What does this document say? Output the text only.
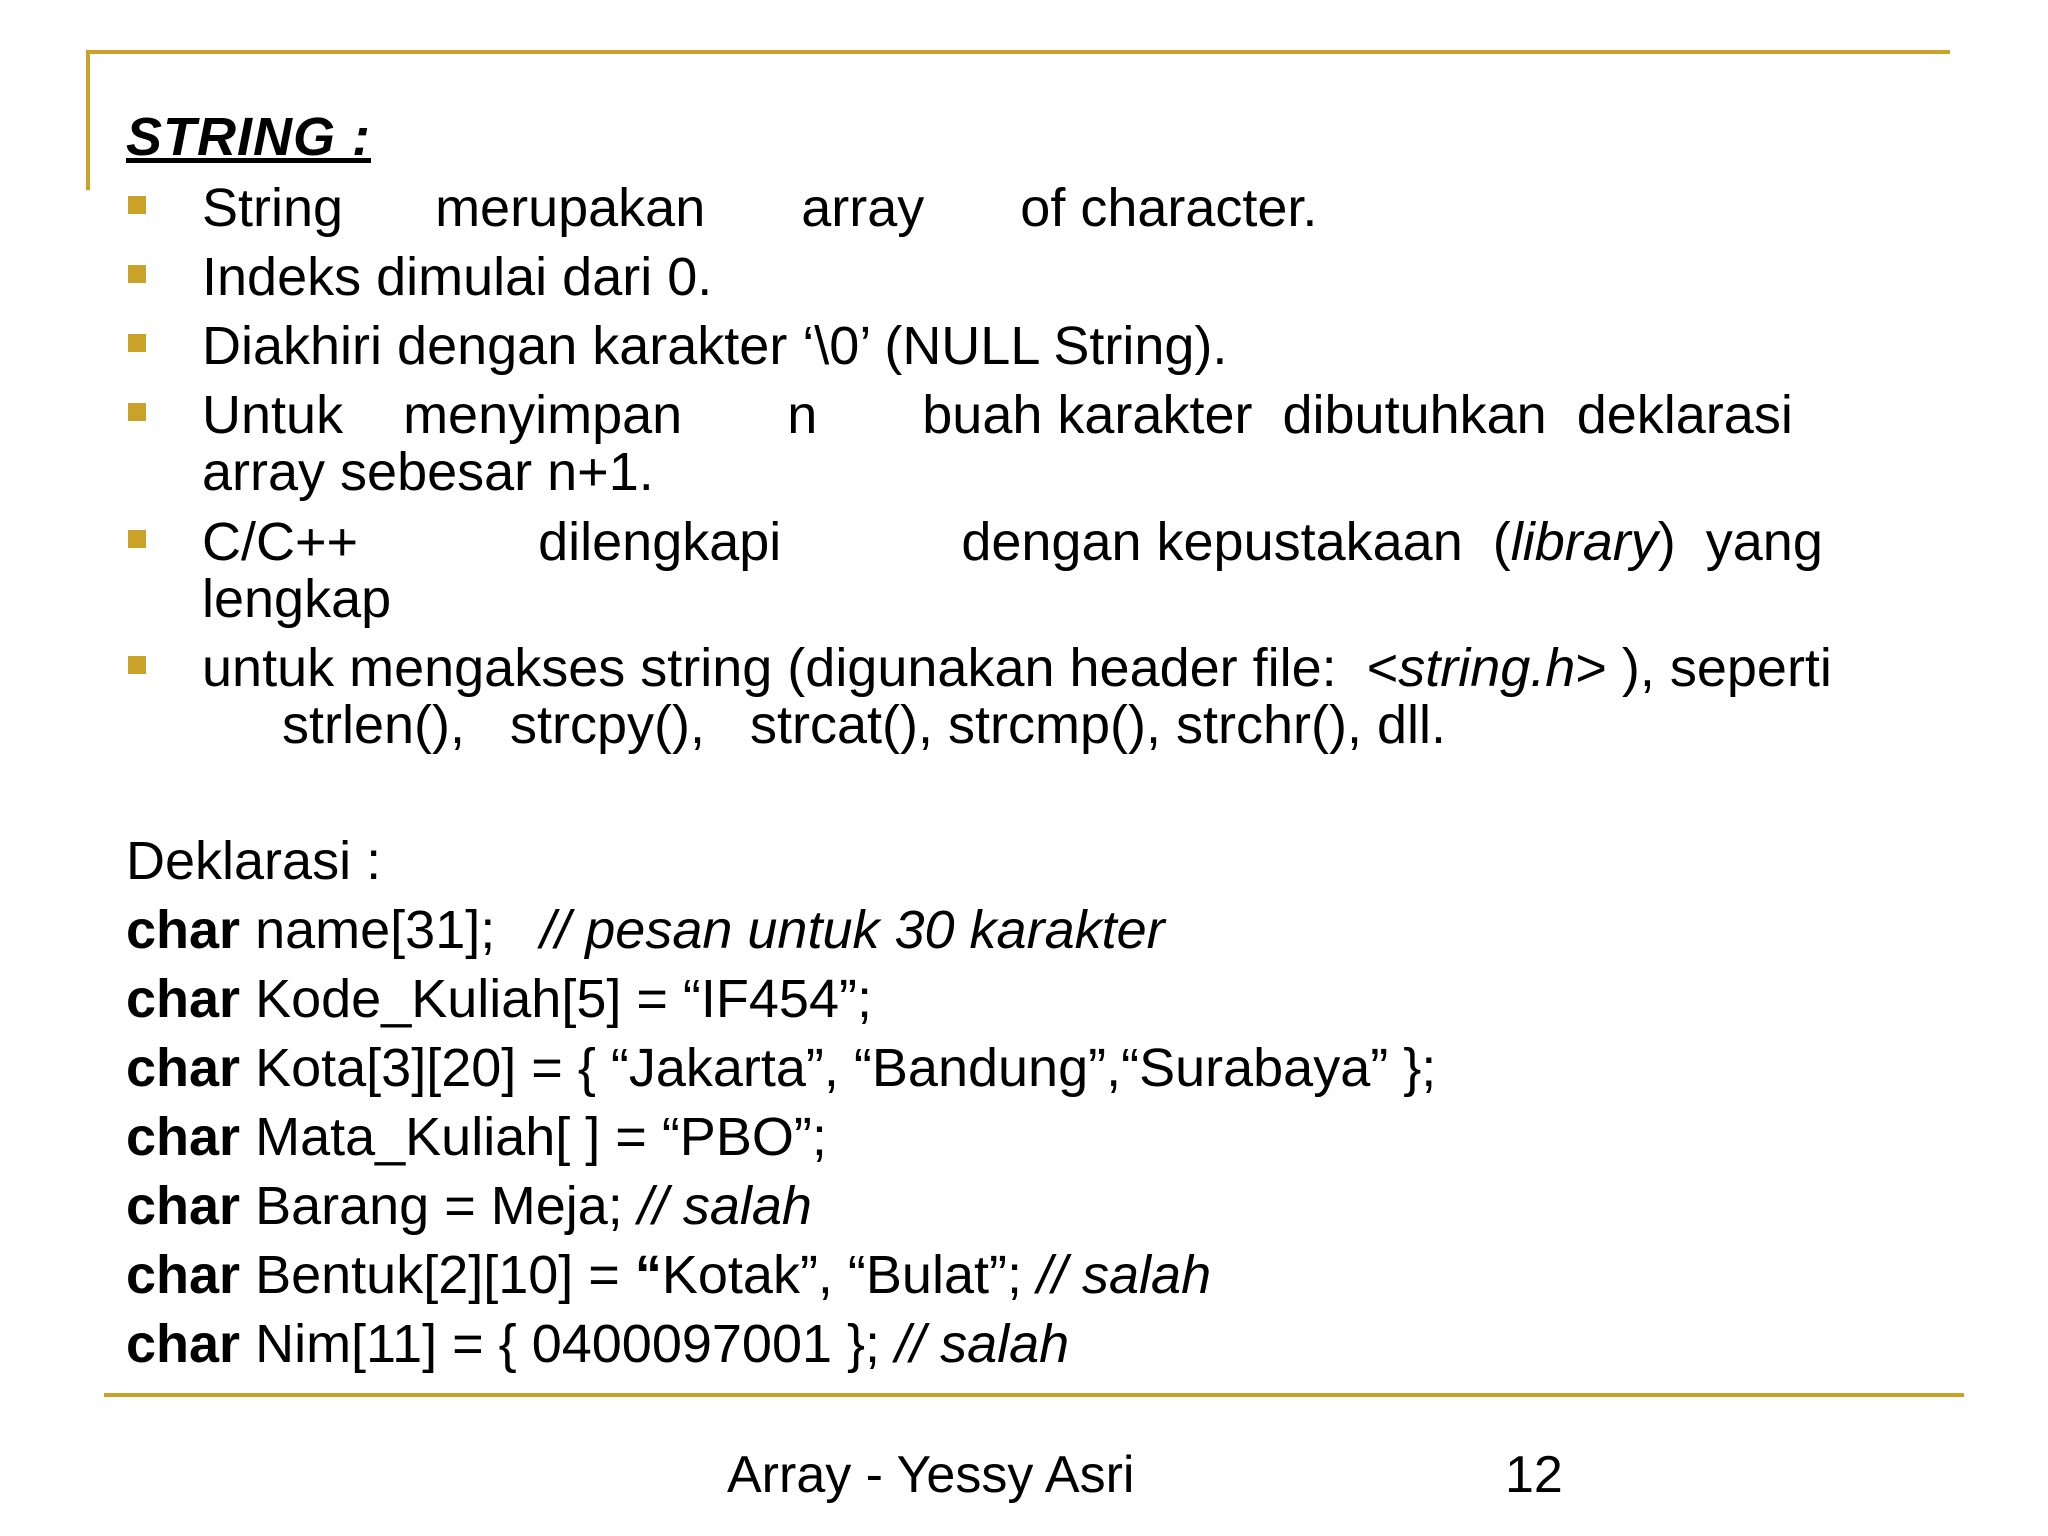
STRING :
String merupakan array of character.
Indeks dimulai dari 0.
Diakhiri dengan karakter ‘\0’ (NULL String).
Untuk    menyimpan       n       buah karakter  dibutuhkan  deklarasi
array sebesar n+1.
C/C++            dilengkapi            dengan kepustakaan  (library)  yang
lengkap
untuk mengakses string (digunakan header file:  <string.h> ), seperti
strlen(),   strcpy(),   strcat(), strcmp(), strchr(), dll.
Deklarasi :
char name[31];   // pesan untuk 30 karakter
char Kode_Kuliah[5] = “IF454”;
char Kota[3][20] = { “Jakarta”, “Bandung”,“Surabaya” };
char Mata_Kuliah[ ] = “PBO”;
char Barang = Meja; // salah
char Bentuk[2][10] = “Kotak”, “Bulat”; // salah
char Nim[11] = { 0400097001 }; // salah
Array - Yessy Asri	12
